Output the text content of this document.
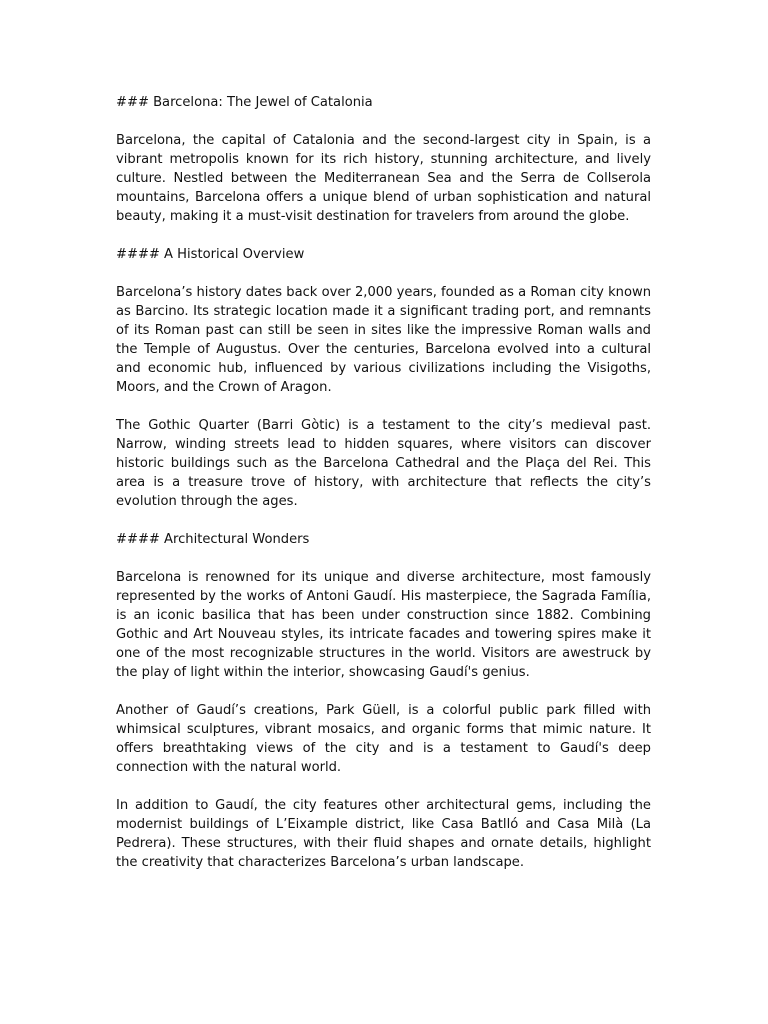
### Barcelona: The Jewel of Catalonia

Barcelona, the capital of Catalonia and the second-largest city in Spain, is a vibrant metropolis known for its rich history, stunning architecture, and lively culture. Nestled between the Mediterranean Sea and the Serra de Collserola mountains, Barcelona offers a unique blend of urban sophistication and natural beauty, making it a must-visit destination for travelers from around the globe.

#### A Historical Overview

Barcelona’s history dates back over 2,000 years, founded as a Roman city known as Barcino. Its strategic location made it a significant trading port, and remnants of its Roman past can still be seen in sites like the impressive Roman walls and the Temple of Augustus. Over the centuries, Barcelona evolved into a cultural and economic hub, influenced by various civilizations including the Visigoths, Moors, and the Crown of Aragon.

The Gothic Quarter (Barri Gòtic) is a testament to the city’s medieval past. Narrow, winding streets lead to hidden squares, where visitors can discover historic buildings such as the Barcelona Cathedral and the Plaça del Rei. This area is a treasure trove of history, with architecture that reflects the city’s evolution through the ages.

#### Architectural Wonders

Barcelona is renowned for its unique and diverse architecture, most famously represented by the works of Antoni Gaudí. His masterpiece, the Sagrada Família, is an iconic basilica that has been under construction since 1882. Combining Gothic and Art Nouveau styles, its intricate facades and towering spires make it one of the most recognizable structures in the world. Visitors are awestruck by the play of light within the interior, showcasing Gaudí's genius.

Another of Gaudí’s creations, Park Güell, is a colorful public park filled with whimsical sculptures, vibrant mosaics, and organic forms that mimic nature. It offers breathtaking views of the city and is a testament to Gaudí's deep connection with the natural world.

In addition to Gaudí, the city features other architectural gems, including the modernist buildings of L’Eixample district, like Casa Batlló and Casa Milà (La Pedrera). These structures, with their fluid shapes and ornate details, highlight the creativity that characterizes Barcelona’s urban landscape.
